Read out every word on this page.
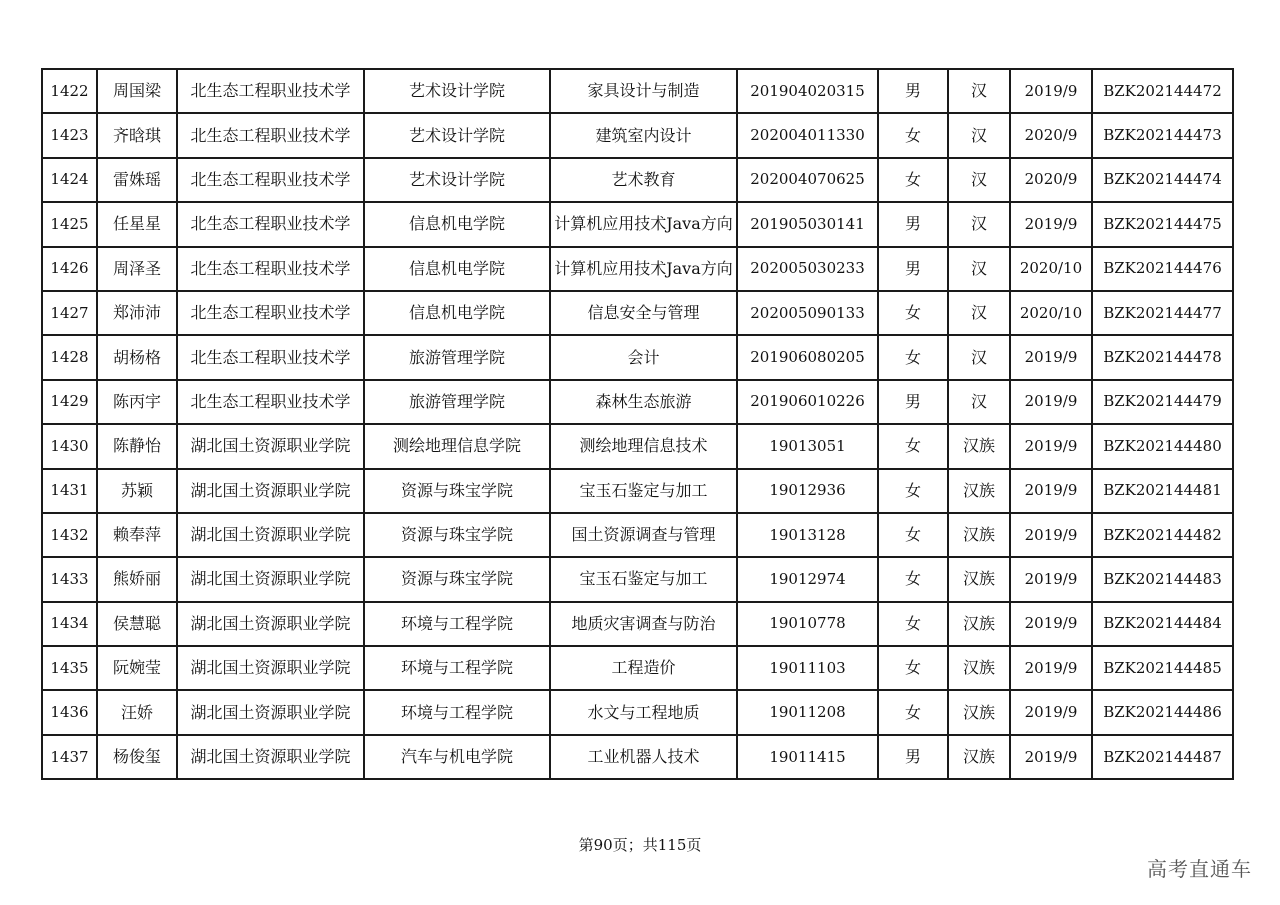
1422	周国梁	北生态工程职业技术学	艺术设计学院	家具设计与制造	201904020315	男	汉	2019/9	BZK202144472
1423	齐晗琪	北生态工程职业技术学	艺术设计学院	建筑室内设计	202004011330	女	汉	2020/9	BZK202144473
1424	雷姝瑶	北生态工程职业技术学	艺术设计学院	艺术教育	202004070625	女	汉	2020/9	BZK202144474
1425	任星星	北生态工程职业技术学	信息机电学院	计算机应用技术Java方向	201905030141	男	汉	2019/9	BZK202144475
1426	周泽圣	北生态工程职业技术学	信息机电学院	计算机应用技术Java方向	202005030233	男	汉	2020/10	BZK202144476
1427	郑沛沛	北生态工程职业技术学	信息机电学院	信息安全与管理	202005090133	女	汉	2020/10	BZK202144477
1428	胡杨格	北生态工程职业技术学	旅游管理学院	会计	201906080205	女	汉	2019/9	BZK202144478
1429	陈丙宇	北生态工程职业技术学	旅游管理学院	森林生态旅游	201906010226	男	汉	2019/9	BZK202144479
1430	陈静怡	湖北国土资源职业学院	测绘地理信息学院	测绘地理信息技术	19013051	女	汉族	2019/9	BZK202144480
1431	苏颖	湖北国土资源职业学院	资源与珠宝学院	宝玉石鉴定与加工	19012936	女	汉族	2019/9	BZK202144481
1432	赖奉萍	湖北国土资源职业学院	资源与珠宝学院	国土资源调查与管理	19013128	女	汉族	2019/9	BZK202144482
1433	熊娇丽	湖北国土资源职业学院	资源与珠宝学院	宝玉石鉴定与加工	19012974	女	汉族	2019/9	BZK202144483
1434	侯慧聪	湖北国土资源职业学院	环境与工程学院	地质灾害调查与防治	19010778	女	汉族	2019/9	BZK202144484
1435	阮婉莹	湖北国土资源职业学院	环境与工程学院	工程造价	19011103	女	汉族	2019/9	BZK202144485
1436	汪娇	湖北国土资源职业学院	环境与工程学院	水文与工程地质	19011208	女	汉族	2019/9	BZK202144486
1437	杨俊玺	湖北国土资源职业学院	汽车与机电学院	工业机器人技术	19011415	男	汉族	2019/9	BZK202144487
第90页；共115页
高考直通车
